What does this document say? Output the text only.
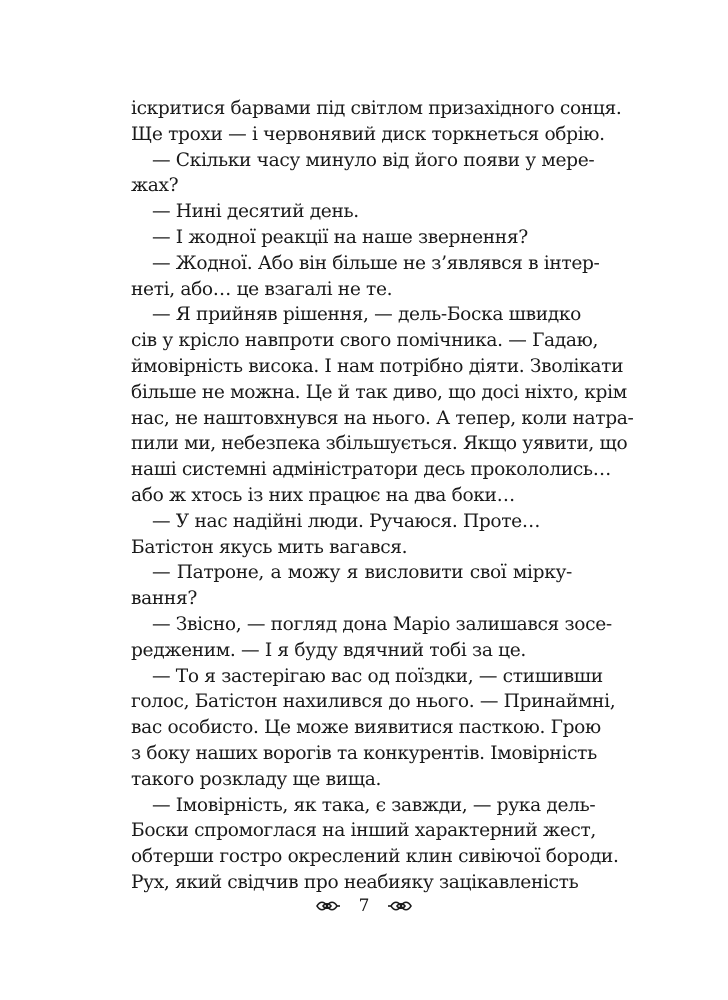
іскритися барвами під світлом призахідного сонця.
Ще трохи — і червонявий диск торкнеться обрію.
— Скільки часу минуло від його появи у мере-
жах?
— Нині десятий день.
— І жодної реакції на наше звернення?
— Жодної. Або він більше не з’являвся в інтер-
неті, або… це взагалі не те.
— Я прийняв рішення, — дель-Боска швидко
сів у крісло навпроти свого помічника. — Гадаю,
ймовірність висока. І нам потрібно діяти. Зволікати
більше не можна. Це й так диво, що досі ніхто, крім
нас, не наштовхнувся на нього. А тепер, коли натра-
пили ми, небезпека збільшується. Якщо уявити, що
наші системні адміністратори десь прокололись…
або ж хтось із них працює на два боки…
— У нас надійні люди. Ручаюся. Проте…
Батістон якусь мить вагався.
— Патроне, а можу я висловити свої мірку-
вання?
— Звісно, — погляд дона Маріо залишався зосе-
редженим. — І я буду вдячний тобі за це.
— То я застерігаю вас од поїздки, — стишивши
голос, Батістон нахилився до нього. — Принаймні,
вас особисто. Це може виявитися пасткою. Грою
з боку наших ворогів та конкурентів. Імовірність
такого розкладу ще вища.
— Імовірність, як така, є завжди, — рука дель-
Боски спромоглася на інший характерний жест,
обтерши гостро окреслений клин сивіючої бороди.
Рух, який свідчив про неабияку зацікавленість
7
